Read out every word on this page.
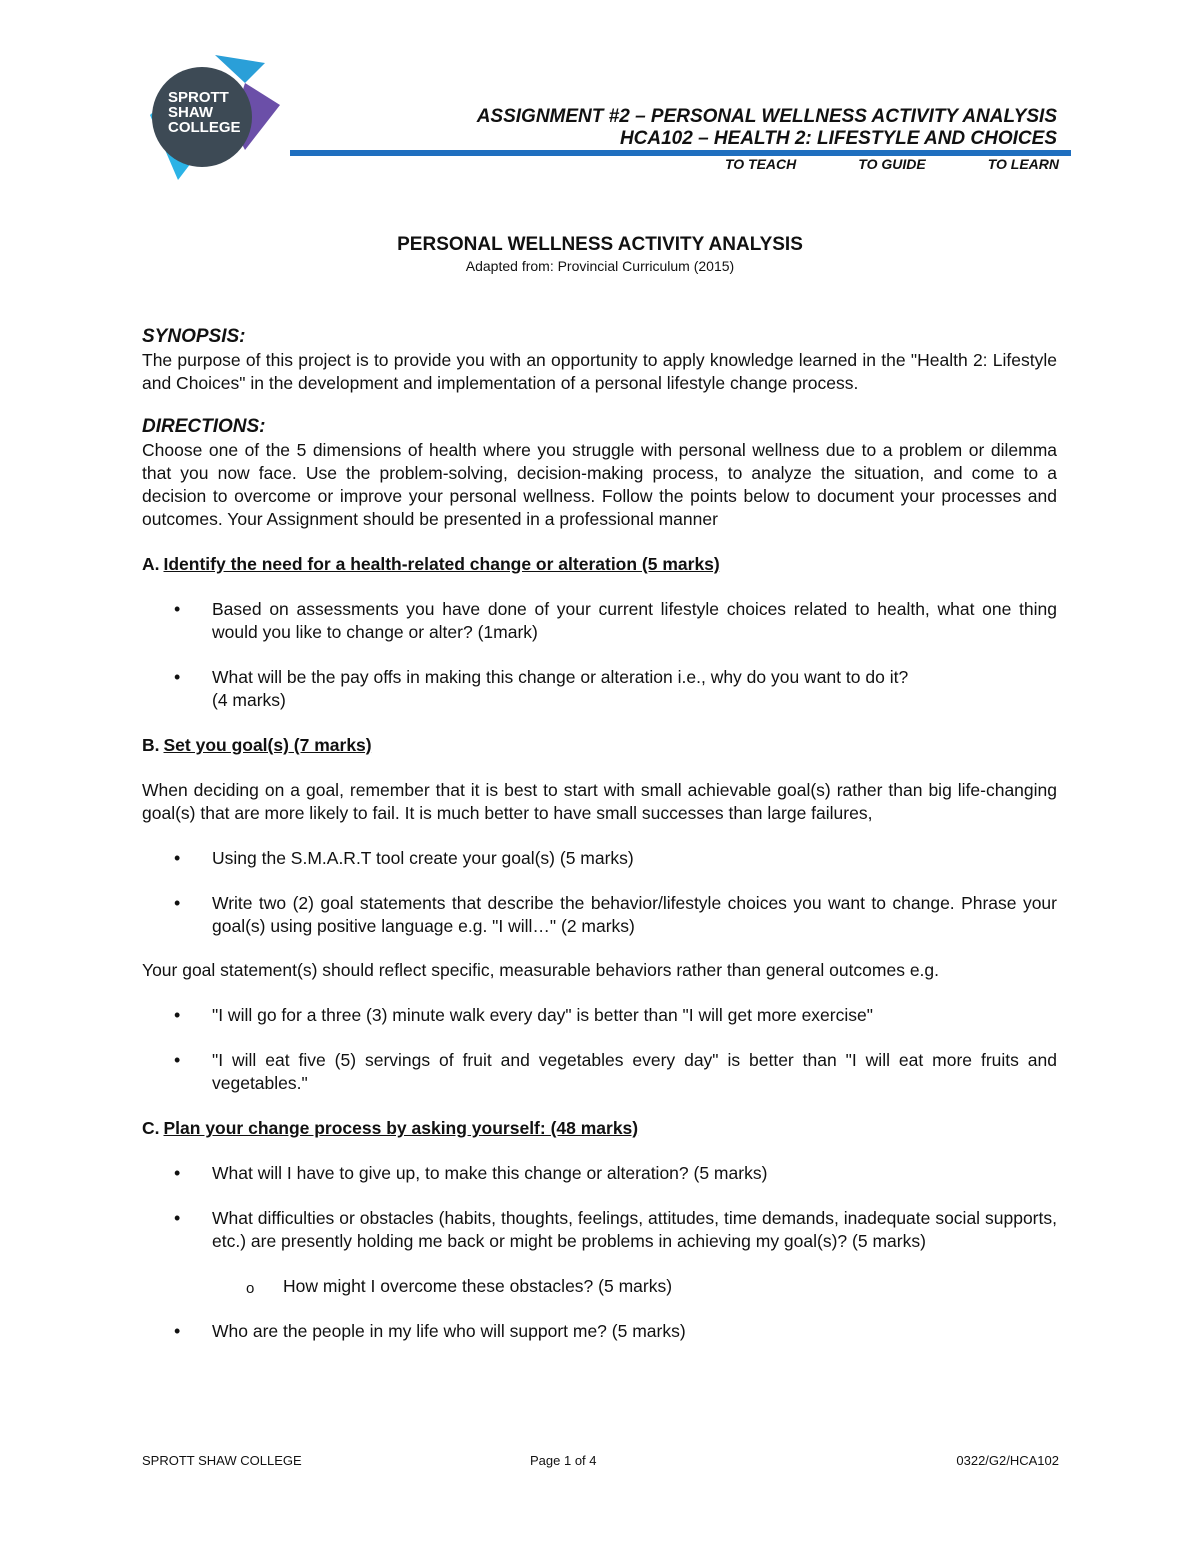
SPROTT
SHAW
COLLEGE
ASSIGNMENT #2 – PERSONAL WELLNESS ACTIVITY ANALYSIS
HCA102 – HEALTH 2: LIFESTYLE AND CHOICES
TO TEACH	TO GUIDE	TO LEARN
PERSONAL WELLNESS ACTIVITY ANALYSIS
Adapted from: Provincial Curriculum (2015)

SYNOPSIS:

The purpose of this project is to provide you with an opportunity to apply knowledge learned in the "Health 2: Lifestyle and Choices" in the development and implementation of a personal lifestyle change process.

DIRECTIONS:

Choose one of the 5 dimensions of health where you struggle with personal wellness due to a problem or dilemma that you now face. Use the problem-solving, decision-making process, to analyze the situation, and come to a decision to overcome or improve your personal wellness. Follow the points below to document your processes and outcomes. Your Assignment should be presented in a professional manner

A. Identify the need for a health-related change or alteration (5 marks)

• Based on assessments you have done of your current lifestyle choices related to health, what one thing would you like to change or alter? (1mark)
• What will be the pay offs in making this change or alteration i.e., why do you want to do it?
(4 marks)

B. Set you goal(s) (7 marks)

When deciding on a goal, remember that it is best to start with small achievable goal(s) rather than big life-changing goal(s) that are more likely to fail. It is much better to have small successes than large failures,

• Using the S.M.A.R.T tool create your goal(s) (5 marks)
• Write two (2) goal statements that describe the behavior/lifestyle choices you want to change. Phrase your goal(s) using positive language e.g. "I will…" (2 marks)

Your goal statement(s) should reflect specific, measurable behaviors rather than general outcomes e.g.

• "I will go for a three (3) minute walk every day" is better than "I will get more exercise"
• "I will eat five (5) servings of fruit and vegetables every day" is better than "I will eat more fruits and vegetables."

C. Plan your change process by asking yourself: (48 marks)

• What will I have to give up, to make this change or alteration? (5 marks)
• What difficulties or obstacles (habits, thoughts, feelings, attitudes, time demands, inadequate social supports, etc.) are presently holding me back or might be problems in achieving my goal(s)? (5 marks)
o How might I overcome these obstacles? (5 marks)
• Who are the people in my life who will support me? (5 marks)
SPROTT SHAW COLLEGE	Page 1 of 4	0322/G2/HCA102
